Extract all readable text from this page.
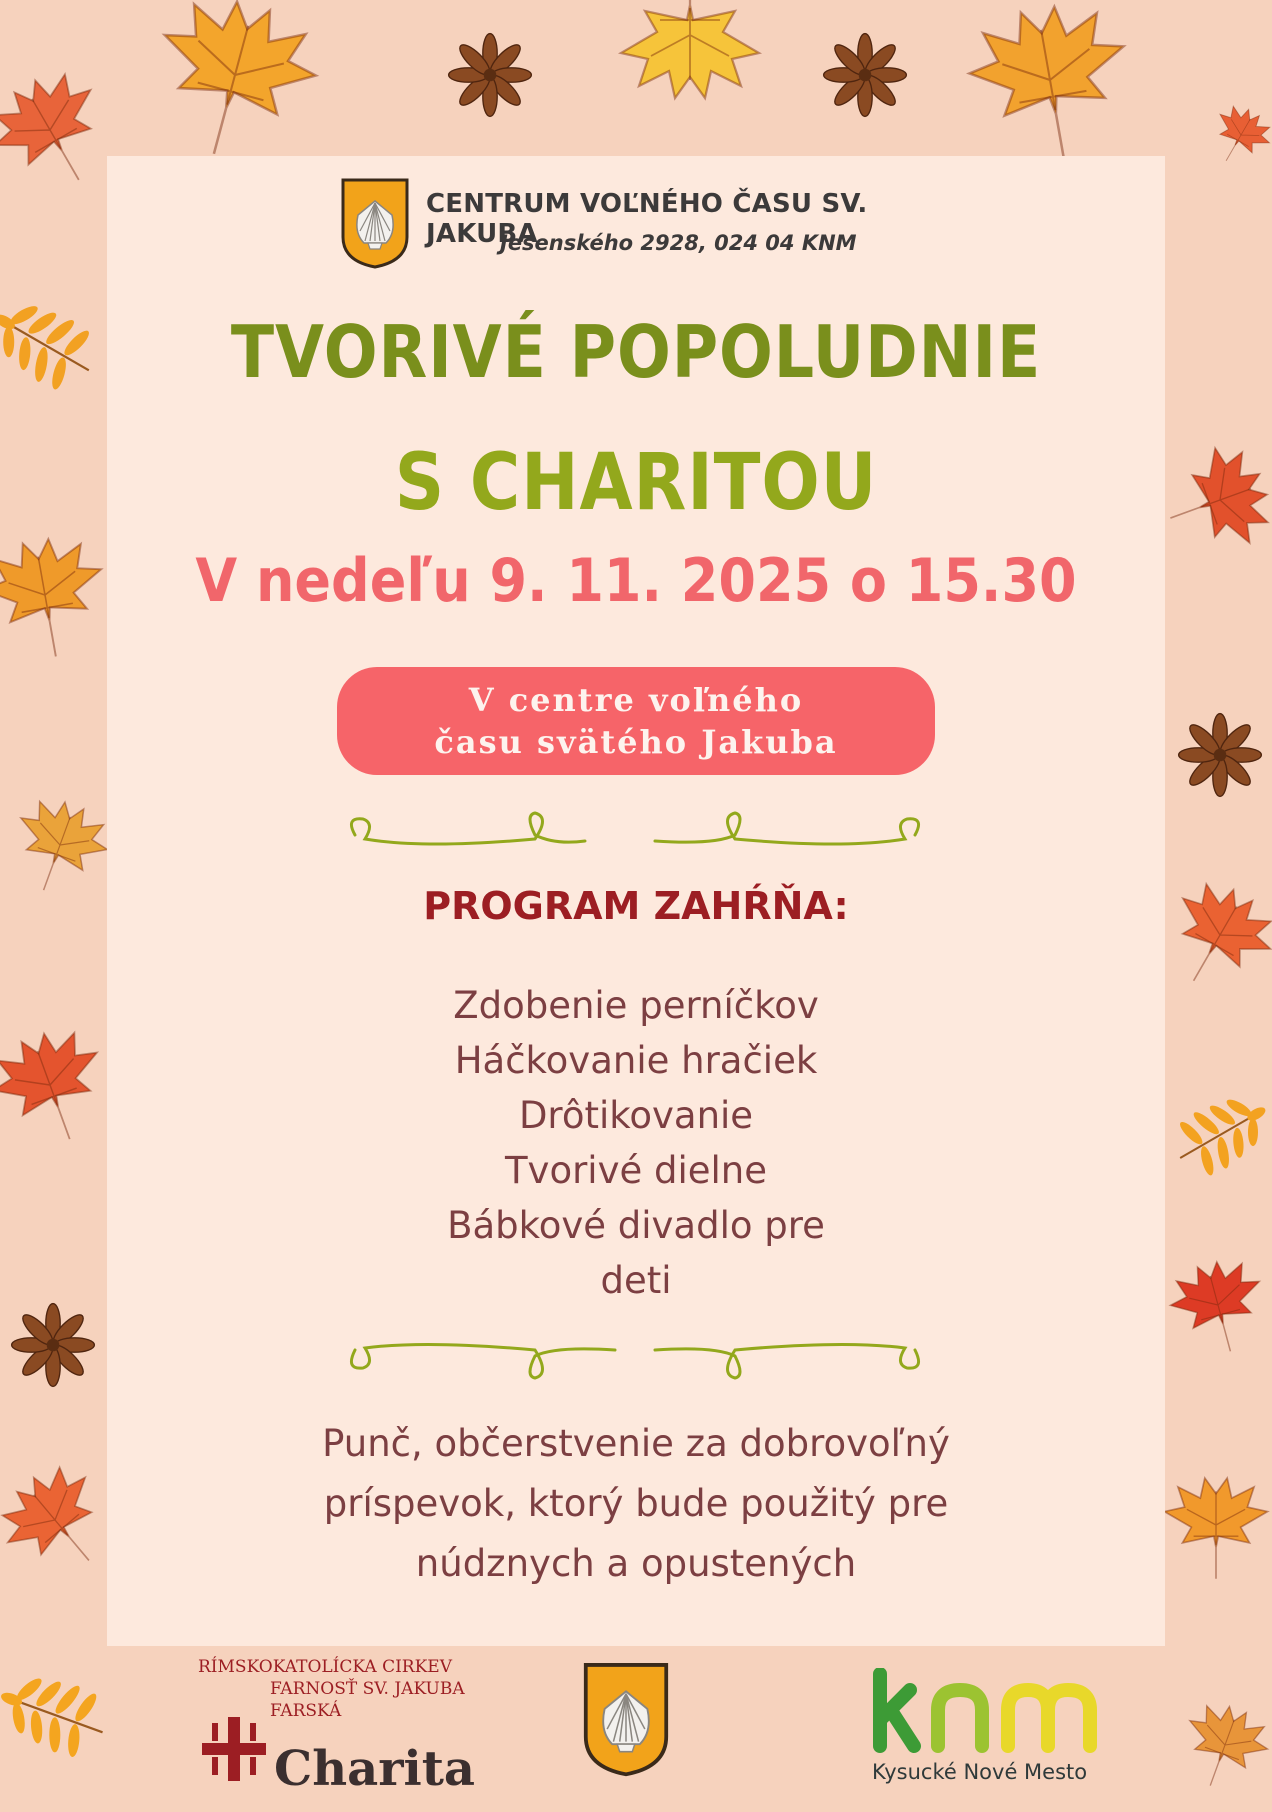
CENTRUM VOĽNÉHO ČASU SV. JAKUBA
Jesenského 2928, 024 04 KNM
TVORIVÉ POPOLUDNIE
S CHARITOU
V nedeľu 9. 11. 2025 o 15.30
V centre voľného
času svätého Jakuba
PROGRAM ZAHŔŇA:
Zdobenie perníčkov
Háčkovanie hračiek
Drôtikovanie
Tvorivé dielne
Bábkové divadlo pre
deti
Punč, občerstvenie za dobrovoľný
príspevok, ktorý bude použitý pre
núdznych a opustených
RÍMSKOKATOLÍCKA CIRKEV
FARNOSŤ SV. JAKUBA
FARSKÁ
Charita	Kysucké Nové Mesto
